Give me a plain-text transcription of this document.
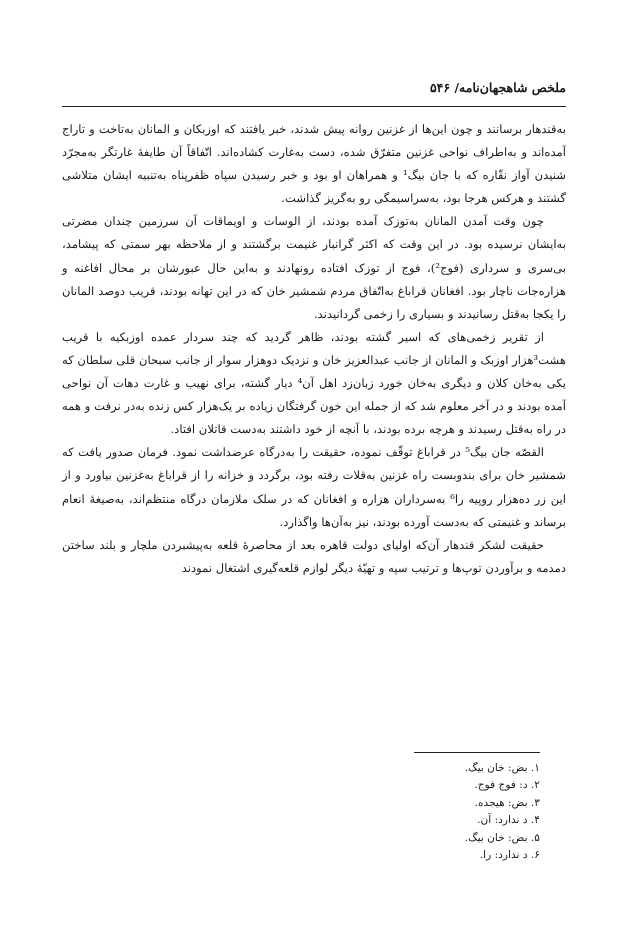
ملخص شاهجهان‌نامه/ ۵۴۶

به‌قندهار برسانند و چون این‌ها از غزنین روانه پیش شدند، خبر یافتند که اوزبکان و المانان به‌تاخت و تاراج آمده‌اند و به‌اطراف نواحی غزنین متفرّق شده، دست به‌غارت کشاده‌اند. اتّفاقاً آن طایفهٔ غارتگر به‌مجرّد شنیدن آواز نقّاره که با جان بیگ¹ و همراهان او بود و خبر رسیدن سپاه ظفرپناه به‌تنبیه ایشان متلاشی گشتند و هرکس هرجا بود، به‌سراسیمگی رو به‌گریز گذاشت.

چون وقت آمدن المانان به‌توزک آمده بودند، از الوسات و اویماقات آن سرزمین چندان مضرتی به‌ایشان نرسیده بود. در این وقت که اکثر گرانبار غنیمت برگشتند و از ملاحظه بهر سمتی که پیشامد، بی‌سری و سرداری (فوج²)، فوج از توزک افتاده رونهادند و به‌این حال عبورشان بر محال افاغنه و هزاره‌جات ناچار بود. افغانان قراباغ به‌اتّفاق مردم شمشیر خان که در این تهانه بودند، قریب دوصد المانان را یکجا به‌قتل رسانیدند و بسیاری را زخمی گردانیدند.

از تقریر زخمی‌های که اسیر گشته بودند، ظاهر گردید که چند سردار عمده اوزبکیه با قریب هشت³هزار اوزبک و المانان از جانب عبدالعزیز خان و نزدیک دوهزار سوار از جانب سبحان قلی سلطان که یکی به‌خان کلان و دیگری به‌خان خورد زبان‌زد اهل آن⁴ دیار گشته، برای نهیب و غارت دهات آن نواحی آمده بودند و در آخر معلوم شد که از جمله این خون گرفتگان زیاده بر یک‌هزار کس زنده به‌در نرفت و همه در راه به‌قتل رسیدند و هرچه برده بودند، با آنچه از خود داشتند به‌دست قاتلان افتاد.

القصّه جان بیگ⁵ در قراباغ توقّف نموده، حقیقت را به‌درگاه عرضداشت نمود. فرمان صدور یافت که شمشیر خان برای بندوبست راه غزنین به‌قلات رفته بود، برگردد و خزانه را از قراباغ به‌غزنین بیاورد و از این زر ده‌هزار روپیه را⁶ به‌سرداران هزاره و افغانان که در سلک ملازمان درگاه منتظم‌اند، به‌صیغهٔ انعام برساند و غنیمتی که به‌دست آورده بودند، نیز به‌آن‌ها واگذارد.

حقیقت لشکر قندهار آن‌که اولیای دولت قاهره بعد از محاصرهٔ قلعه به‌پیشبردن ملچار و بلند ساختن دمدمه و برآوردن توپ‌ها و ترتیب سپه و تهیّهٔ دیگر لوازم قلعه‌گیری اشتغال نمودند

۱. بض: خان بیگ.
۲. د: فوج فوج.
۳. بض: هیجده.
۴. د ندارد: آن.
۵. بض: خان بیگ.
۶. د ندارد: را.
